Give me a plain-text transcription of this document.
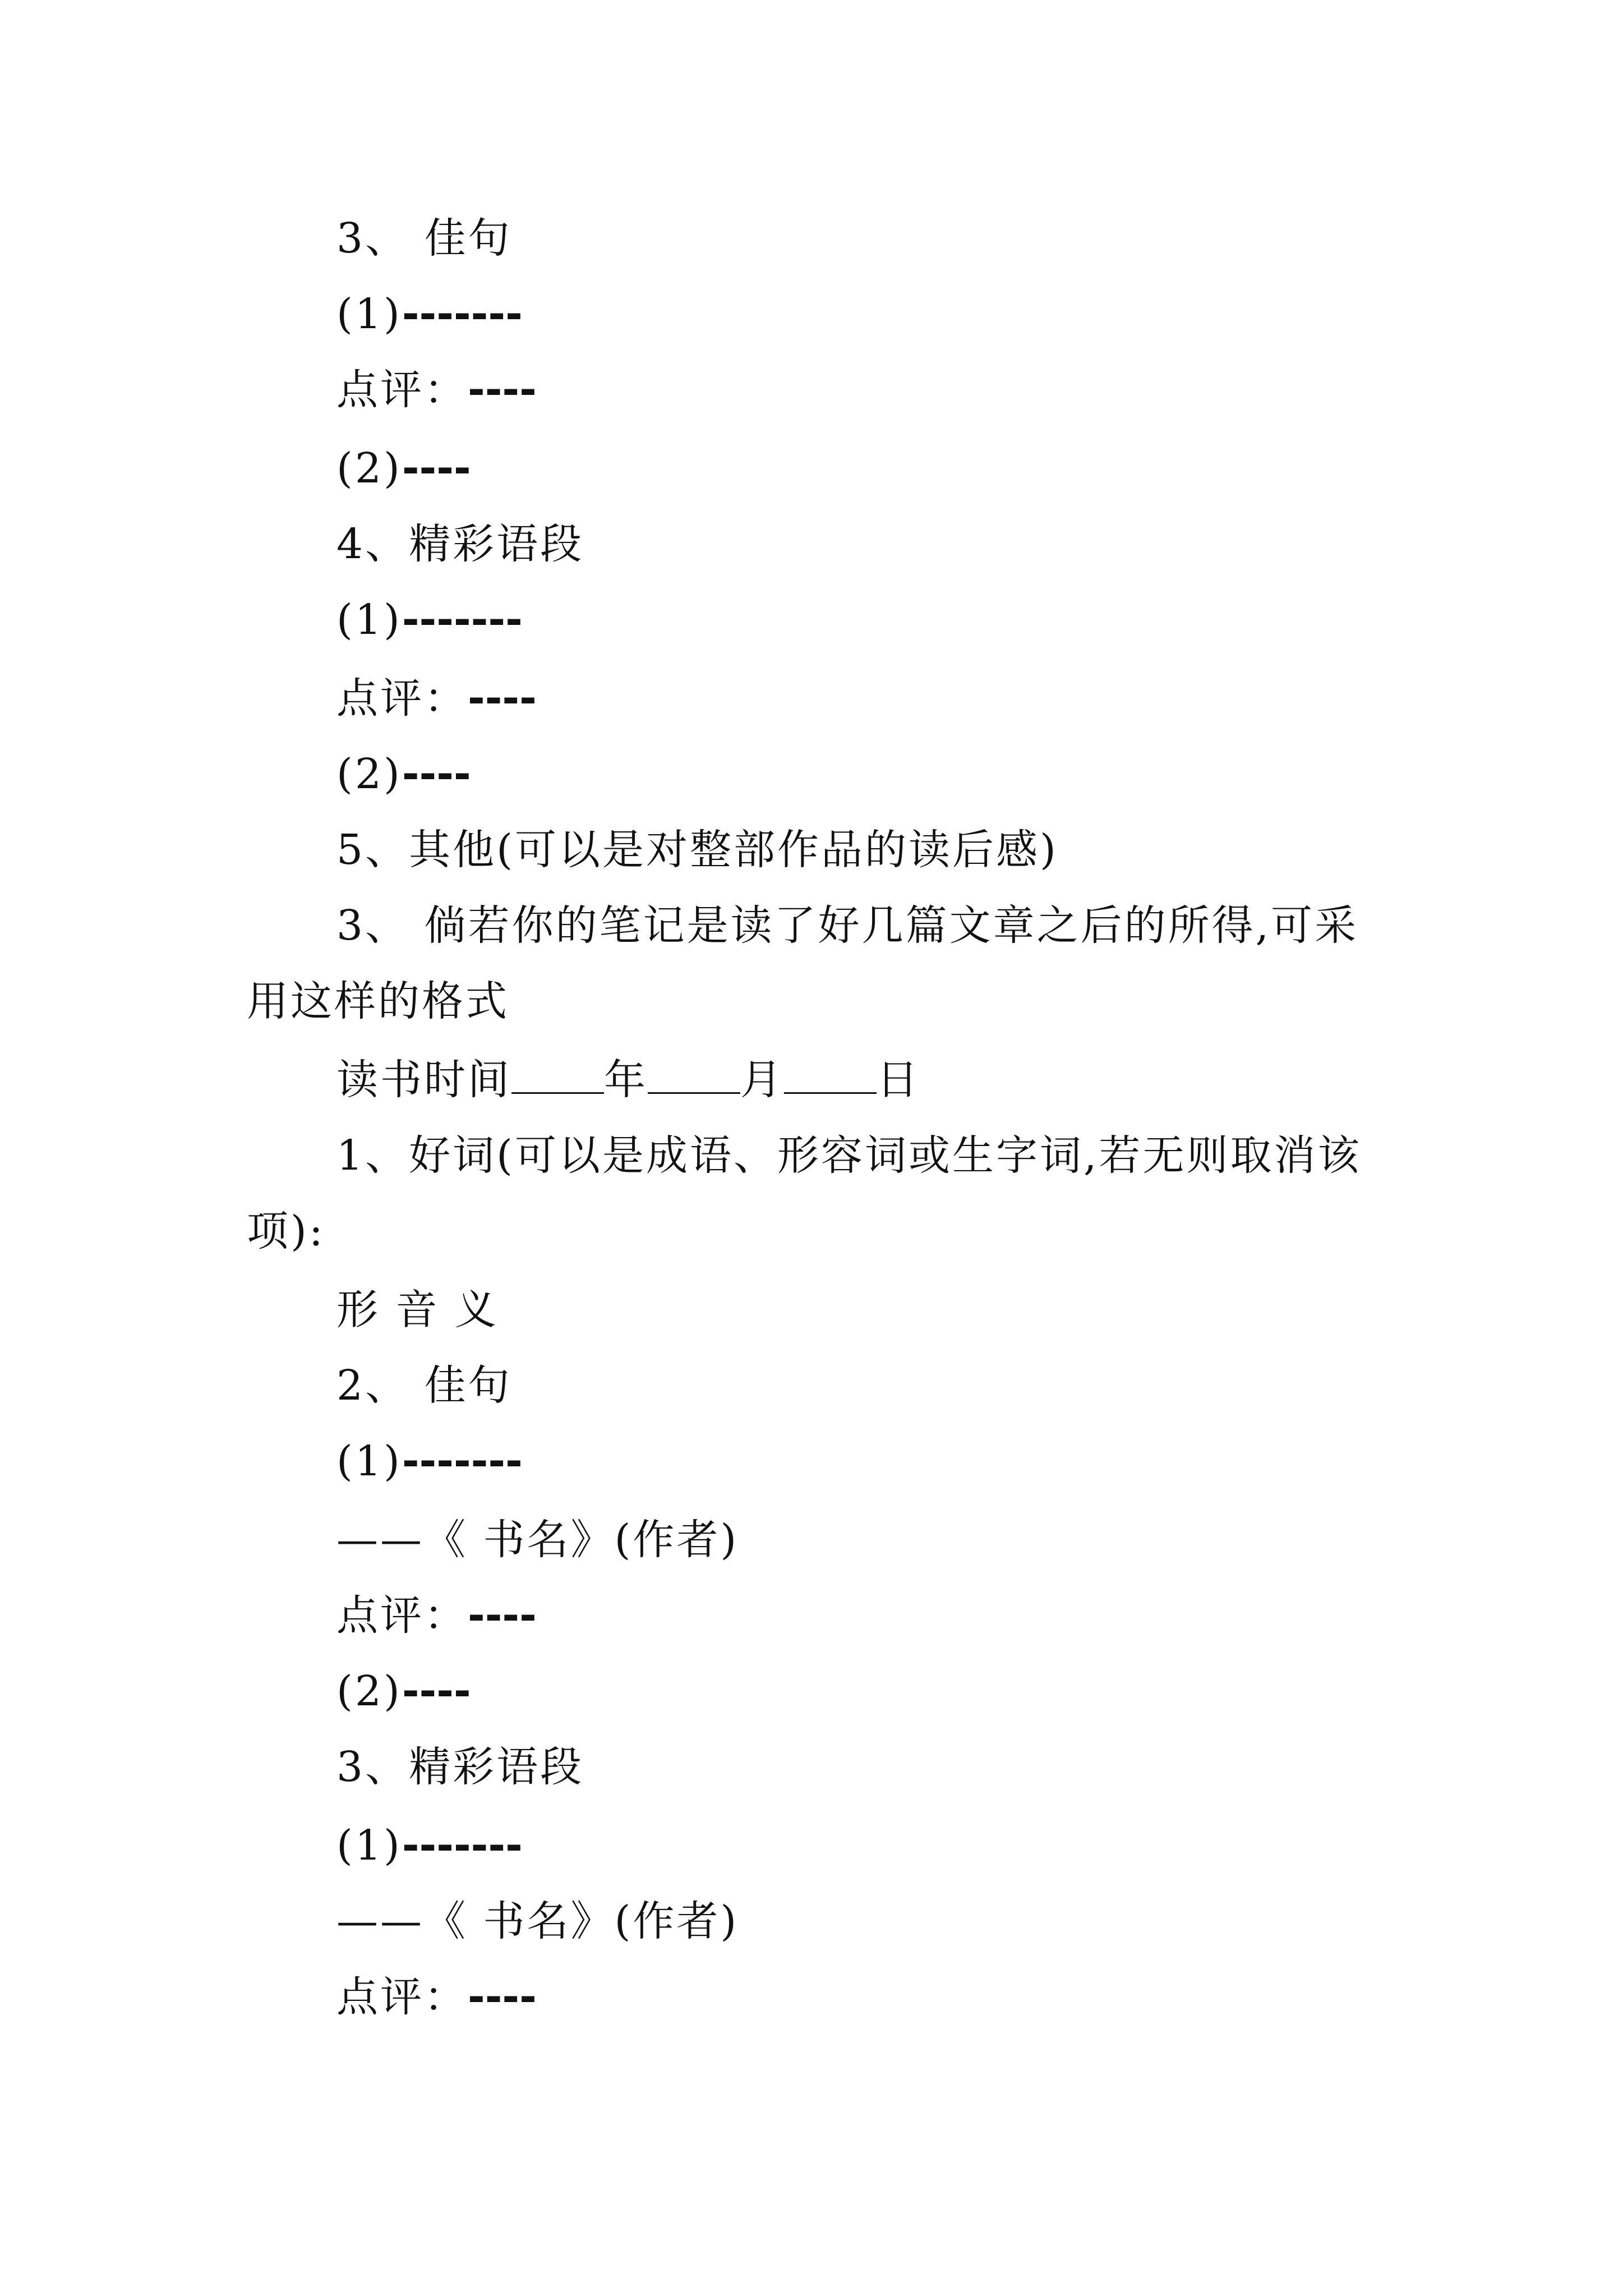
3、 佳句
(1)-------
点评：----
(2)----
4、精彩语段
(1)-------
点评：----
(2)----
5、其他(可以是对整部作品的读后感)
3、 倘若你的笔记是读了好几篇文章之后的所得,可采
用这样的格式
读书时间 年 月 日
1、好词(可以是成语、形容词或生字词,若无则取消该
项):
形 音 义
2、 佳句
(1)-------
——《 书名》(作者)
点评：----
(2)----
3、精彩语段
(1)-------
——《 书名》(作者)
点评：----
